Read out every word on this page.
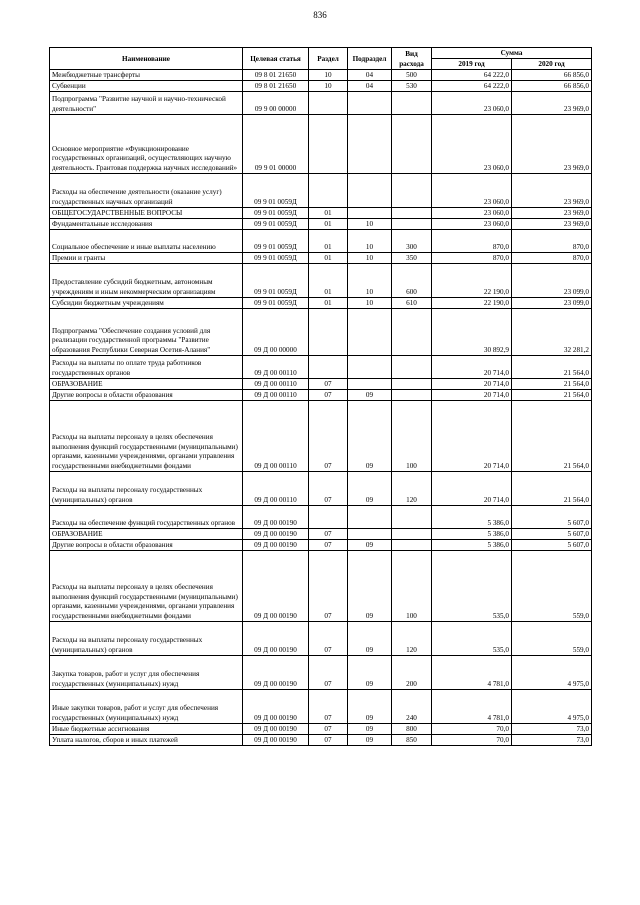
836
Наименование	Целевая статья	Раздел	Подраздел	Вид расхода	Сумма	
					2019 год	2020 год
Межбюджетные трансферты	09 8 01 21650	10	04	500	64 222,0	66 856,0
Субвенции	09 8 01 21650	10	04	530	64 222,0	66 856,0
Подпрограмма "Развитие научной и научно-технической деятельности"	09 9 00 00000				23 060,0	23 969,0
Основное мероприятие «Функционирование государственных организаций, осуществляющих научную деятельность. Грантовая поддержка научных исследований»	09 9 01 00000				23 060,0	23 969,0
Расходы на обеспечение деятельности (оказание услуг) государственных научных организаций	09 9 01 0059Д				23 060,0	23 969,0
ОБЩЕГОСУДАРСТВЕННЫЕ ВОПРОСЫ	09 9 01 0059Д	01			23 060,0	23 969,0
Фундаментальные исследования	09 9 01 0059Д	01	10		23 060,0	23 969,0
Социальное обеспечение и иные выплаты населению	09 9 01 0059Д	01	10	300	870,0	870,0
Премии и гранты	09 9 01 0059Д	01	10	350	870,0	870,0
Предоставление субсидий бюджетным, автономным учреждениям и иным некоммерческим организациям	09 9 01 0059Д	01	10	600	22 190,0	23 099,0
Субсидии бюджетным учреждениям	09 9 01 0059Д	01	10	610	22 190,0	23 099,0
Подпрограмма "Обеспечение создания условий для реализации государственной программы "Развитие образования Республики Северная Осетия-Алания"	09 Д 00 00000				30 892,9	32 281,2
Расходы на выплаты по оплате труда работников государственных органов	09 Д 00 00110				20 714,0	21 564,0
ОБРАЗОВАНИЕ	09 Д 00 00110	07			20 714,0	21 564,0
Другие вопросы в области образования	09 Д 00 00110	07	09		20 714,0	21 564,0
Расходы на выплаты персоналу в целях обеспечения выполнения функций государственными (муниципальными) органами, казенными учреждениями, органами управления государственными внебюджетными фондами	09 Д 00 00110	07	09	100	20 714,0	21 564,0
Расходы на выплаты персоналу государственных (муниципальных) органов	09 Д 00 00110	07	09	120	20 714,0	21 564,0
Расходы на обеспечение функций государственных органов	09 Д 00 00190				5 386,0	5 607,0
ОБРАЗОВАНИЕ	09 Д 00 00190	07			5 386,0	5 607,0
Другие вопросы в области образования	09 Д 00 00190	07	09		5 386,0	5 607,0
Расходы на выплаты персоналу в целях обеспечения выполнения функций государственными (муниципальными) органами, казенными учреждениями, органами управления государственными внебюджетными фондами	09 Д 00 00190	07	09	100	535,0	559,0
Расходы на выплаты персоналу государственных (муниципальных) органов	09 Д 00 00190	07	09	120	535,0	559,0
Закупка товаров, работ и услуг для обеспечения государственных (муниципальных) нужд	09 Д 00 00190	07	09	200	4 781,0	4 975,0
Иные закупки товаров, работ и услуг для обеспечения государственных (муниципальных) нужд	09 Д 00 00190	07	09	240	4 781,0	4 975,0
Иные бюджетные ассигнования	09 Д 00 00190	07	09	800	70,0	73,0
Уплата налогов, сборов и иных платежей	09 Д 00 00190	07	09	850	70,0	73,0
